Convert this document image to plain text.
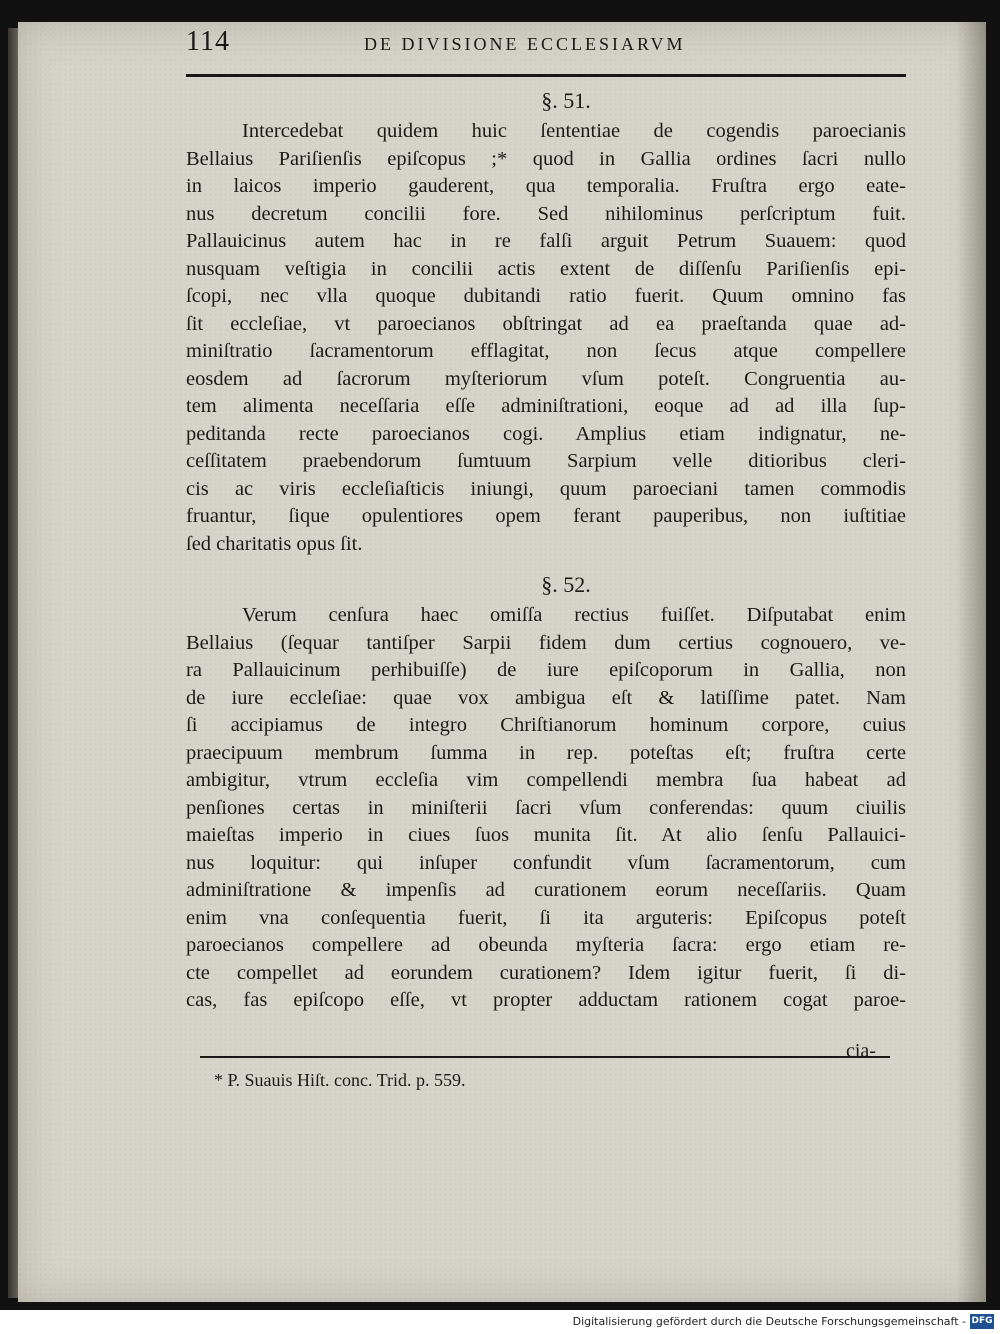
114	DE DIVISIONE ECCLESIARVM
§. 51.
Intercedebat quidem huic ſententiae de cogendis paroecianis
Bellaius Pariſienſis epiſcopus ;* quod in Gallia ordines ſacri nullo
in laicos imperio gauderent, qua temporalia. Fruſtra ergo eate-
nus decretum concilii fore. Sed nihilominus perſcriptum fuit.
Pallauicinus autem hac in re falſi arguit Petrum Suauem: quod
nusquam veſtigia in concilii actis extent de diſſenſu Pariſienſis epi-
ſcopi, nec vlla quoque dubitandi ratio fuerit. Quum omnino fas
ſit eccleſiae, vt paroecianos obſtringat ad ea praeſtanda quae ad-
miniſtratio ſacramentorum efflagitat, non ſecus atque compellere
eosdem ad ſacrorum myſteriorum vſum poteſt. Congruentia au-
tem alimenta neceſſaria eſſe adminiſtrationi, eoque ad ad illa ſup-
peditanda recte paroecianos cogi. Amplius etiam indignatur, ne-
ceſſitatem praebendorum ſumtuum Sarpium velle ditioribus cleri-
cis ac viris eccleſiaſticis iniungi, quum paroeciani tamen commodis
fruantur, ſique opulentiores opem ferant pauperibus, non iuſtitiae
ſed charitatis opus ſit.
§. 52.
Verum cenſura haec omiſſa rectius fuiſſet. Diſputabat enim
Bellaius (ſequar tantiſper Sarpii fidem dum certius cognouero, ve-
ra Pallauicinum perhibuiſſe) de iure epiſcoporum in Gallia, non
de iure eccleſiae: quae vox ambigua eſt & latiſſime patet. Nam
ſi accipiamus de integro Chriſtianorum hominum corpore, cuius
praecipuum membrum ſumma in rep. poteſtas eſt; fruſtra certe
ambigitur, vtrum eccleſia vim compellendi membra ſua habeat ad
penſiones certas in miniſterii ſacri vſum conferendas: quum ciuilis
maieſtas imperio in ciues ſuos munita ſit. At alio ſenſu Pallauici-
nus loquitur: qui inſuper confundit vſum ſacramentorum, cum
adminiſtratione & impenſis ad curationem eorum neceſſariis. Quam
enim vna conſequentia fuerit, ſi ita arguteris: Epiſcopus poteſt
paroecianos compellere ad obeunda myſteria ſacra: ergo etiam re-
cte compellet ad eorundem curationem? Idem igitur fuerit, ſi di-
cas, fas epiſcopo eſſe, vt propter adductam rationem cogat paroe-
cia-
* P. Suauis Hiſt. conc. Trid. p. 559.
Digitalisierung gefördert durch die Deutsche Forschungsgemeinschaft - DFG
